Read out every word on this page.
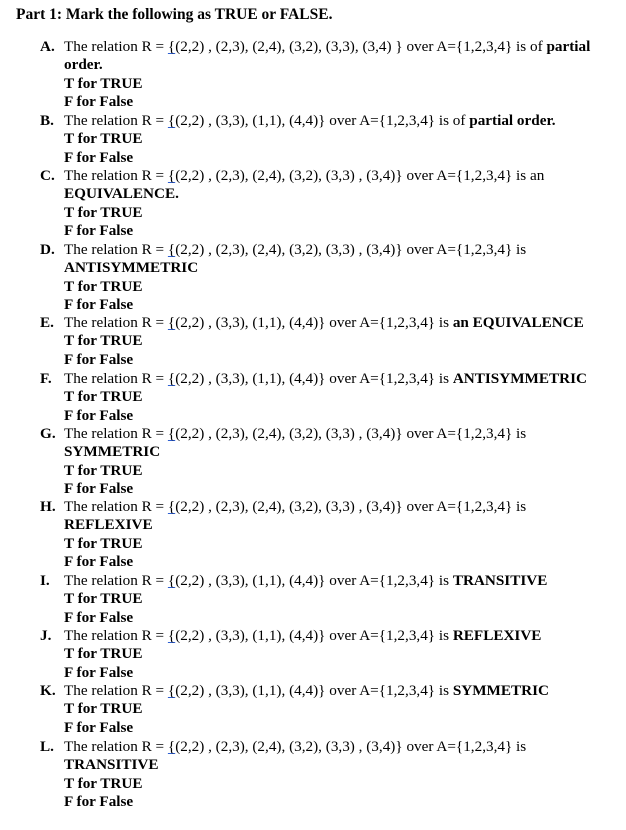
Part 1: Mark the following as TRUE or FALSE.
A. The relation R = {(2,2) , (2,3), (2,4), (3,2), (3,3), (3,4) } over A={1,2,3,4} is of partial
order.
T for TRUE
F for False
B. The relation R = {(2,2) , (3,3), (1,1), (4,4)} over A={1,2,3,4} is of partial order.
T for TRUE
F for False
C. The relation R = {(2,2) , (2,3), (2,4), (3,2), (3,3) , (3,4)} over A={1,2,3,4} is an
EQUIVALENCE.
T for TRUE
F for False
D. The relation R = {(2,2) , (2,3), (2,4), (3,2), (3,3) , (3,4)} over A={1,2,3,4} is
ANTISYMMETRIC
T for TRUE
F for False
E. The relation R = {(2,2) , (3,3), (1,1), (4,4)} over A={1,2,3,4} is an EQUIVALENCE
T for TRUE
F for False
F. The relation R = {(2,2) , (3,3), (1,1), (4,4)} over A={1,2,3,4} is ANTISYMMETRIC
T for TRUE
F for False
G. The relation R = {(2,2) , (2,3), (2,4), (3,2), (3,3) , (3,4)} over A={1,2,3,4} is
SYMMETRIC
T for TRUE
F for False
H. The relation R = {(2,2) , (2,3), (2,4), (3,2), (3,3) , (3,4)} over A={1,2,3,4} is
REFLEXIVE
T for TRUE
F for False
I. The relation R = {(2,2) , (3,3), (1,1), (4,4)} over A={1,2,3,4} is TRANSITIVE
T for TRUE
F for False
J. The relation R = {(2,2) , (3,3), (1,1), (4,4)} over A={1,2,3,4} is REFLEXIVE
T for TRUE
F for False
K. The relation R = {(2,2) , (3,3), (1,1), (4,4)} over A={1,2,3,4} is SYMMETRIC
T for TRUE
F for False
L. The relation R = {(2,2) , (2,3), (2,4), (3,2), (3,3) , (3,4)} over A={1,2,3,4} is
TRANSITIVE
T for TRUE
F for False
